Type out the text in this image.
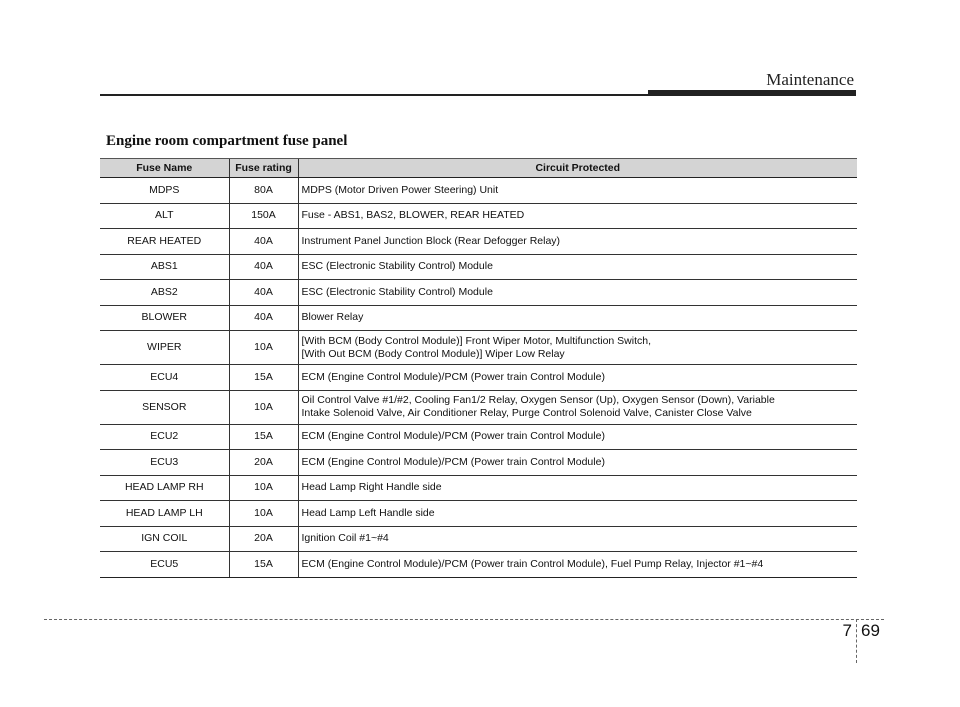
Maintenance
Engine room compartment fuse panel
Fuse Name	Fuse rating	Circuit Protected
MDPS	80A	MDPS (Motor Driven Power Steering) Unit

ALT	150A	Fuse - ABS1, BAS2, BLOWER, REAR HEATED

REAR HEATED	40A	Instrument Panel Junction Block (Rear Defogger Relay)

ABS1	40A	ESC (Electronic Stability Control) Module

ABS2	40A	ESC (Electronic Stability Control) Module

BLOWER	40A	Blower Relay

WIPER	10A	[With BCM (Body Control Module)] Front Wiper Motor, Multifunction Switch,
[With Out BCM (Body Control Module)] Wiper Low Relay

ECU4	15A	ECM (Engine Control Module)/PCM (Power train Control Module)

SENSOR	10A	Oil Control Valve #1/#2, Cooling Fan1/2 Relay, Oxygen Sensor (Up), Oxygen Sensor (Down), Variable
Intake Solenoid Valve, Air Conditioner Relay, Purge Control Solenoid Valve, Canister Close Valve

ECU2	15A	ECM (Engine Control Module)/PCM (Power train Control Module)

ECU3	20A	ECM (Engine Control Module)/PCM (Power train Control Module)

HEAD LAMP RH	10A	Head Lamp Right Handle side

HEAD LAMP LH	10A	Head Lamp Left Handle side

IGN COIL	20A	Ignition Coil #1~#4

ECU5	15A	ECM (Engine Control Module)/PCM (Power train Control Module), Fuel Pump Relay, Injector #1~#4
7 69
